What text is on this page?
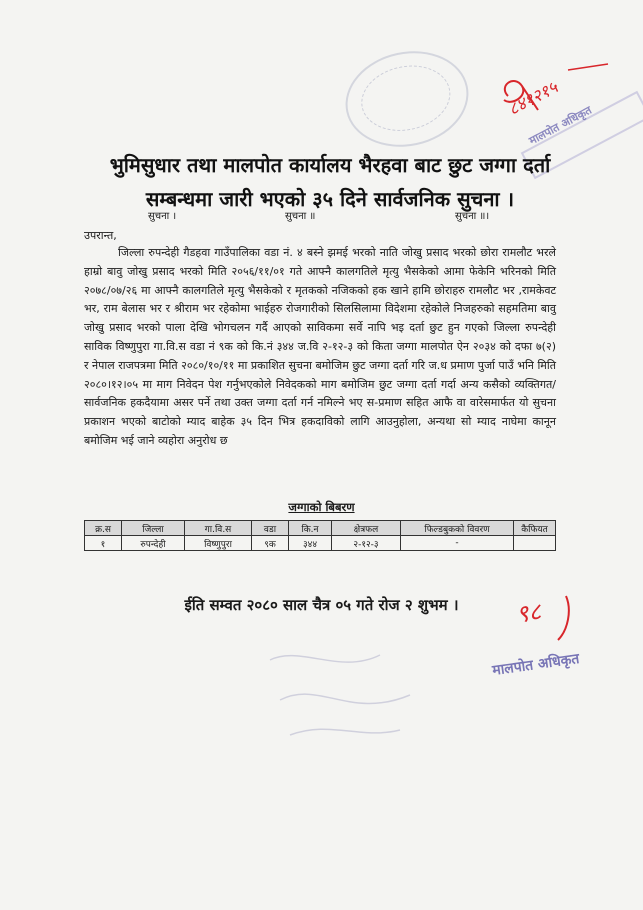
मालपोत अधिकृत
८४१२१५
भुमिसुधार तथा मालपोत कार्यालय भैरहवा बाट छुट जग्गा दर्ता
सम्बन्धमा जारी भएको ३५ दिने सार्वजनिक सुचना ।
सुचना ।	सुचना ॥	सुचना ॥।
उपरान्त,

जिल्ला रुपन्देही गैडहवा गाउँपालिका वडा नं. ४ बस्ने झमई भरको नाति जोखु प्रसाद भरको छोरा रामलौट भरले हाम्रो बावु जोखु प्रसाद भरको मिति २०५६/११/०१ गते आफ्नै कालगतिले मृत्यु भैसकेको आमा फेकेनि भरिनको मिति २०७८/०७/२६ मा आफ्नै कालगतिले मृत्यु भैसकेको र मृतकको नजिकको हक खाने हामि छोराहरु रामलौट भर ,रामकेवट भर, राम बेलास भर र श्रीराम भर रहेकोमा भाईहरु रोजगारीको सिलसिलामा विदेशमा रहेकोले निजहरुको सहमतिमा बावु जोखु प्रसाद भरको पाला देखि भोगचलन गर्दै आएको साविकमा सर्वे नापि भइ दर्ता छुट हुन गएको जिल्ला रुपन्देही साविक विष्णुपुरा गा.वि.स वडा नं ९क को कि.नं ३४४ ज.वि २-१२-३ को किता जग्गा मालपोत ऐन २०३४ को दफा ७(२) र नेपाल राजपत्रमा मिति २०८०/१०/११ मा प्रकाशित सुचना बमोजिम छुट जग्गा दर्ता गरि ज.ध प्रमाण पुर्जा पाउँ भनि मिति २०८०।१२।०५ मा माग निवेदन पेश गर्नुभएकोले निवेदकको माग बमोजिम छुट जग्गा दर्ता गर्दा अन्य कसैको व्यक्तिगत/सार्वजनिक हकदैयामा असर पर्ने तथा उक्त जग्गा दर्ता गर्न नमिल्ने भए स-प्रमाण सहित आफै वा वारेसमार्फत यो सुचना प्रकाशन भएको बाटोको म्याद बाहेक ३५ दिन भित्र हकदाविको लागि आउनुहोला, अन्यथा सो म्याद नाघेमा कानून बमोजिम भई जाने व्यहोरा अनुरोध छ

जग्गाको बिबरण
क्र.स	जिल्ला	गा.वि.स	वडा	कि.न	क्षेत्रफल	फिल्डबुकको विवरण	कैफियत
१	रुपन्देही	विष्णुपुरा	९क	३४४	२-१२-३	-	
ईति सम्वत २०८० साल चैत्र ०५ गते रोज २ शुभम ।	९८
मालपोत अधिकृत
